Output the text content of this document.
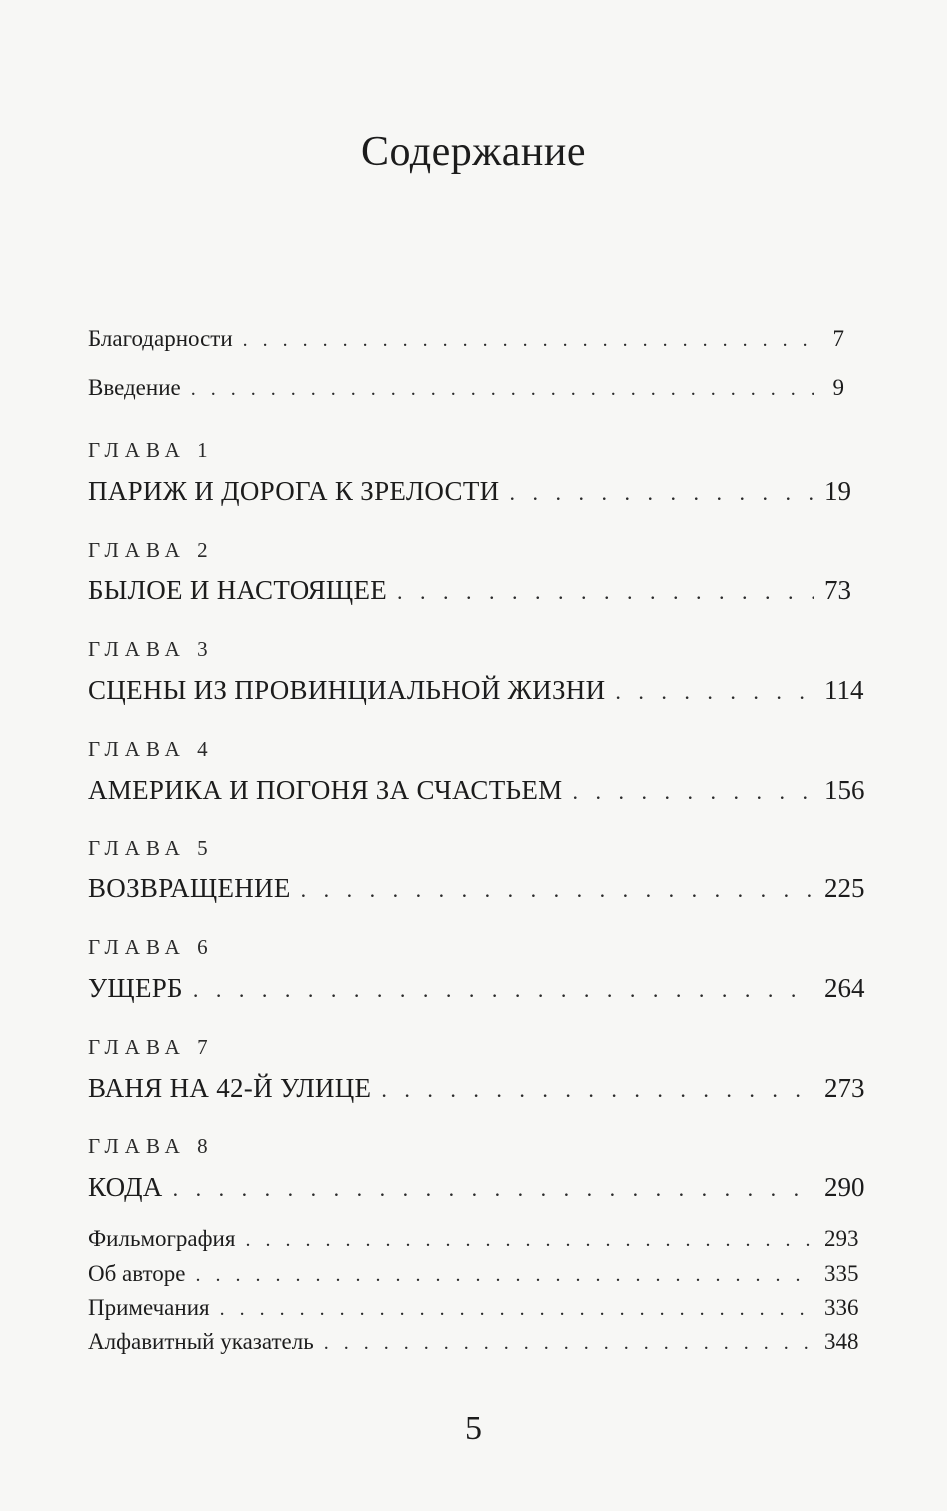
Содержание
Благодарности . . .	7
Введение . . .	9
ГЛАВА 1
ПАРИЖ И ДОРОГА К ЗРЕЛОСТИ . . .	19
ГЛАВА 2
БЫЛОЕ И НАСТОЯЩЕЕ . . .	73
ГЛАВА 3
СЦЕНЫ ИЗ ПРОВИНЦИАЛЬНОЙ ЖИЗНИ . . .	114
ГЛАВА 4
АМЕРИКА И ПОГОНЯ ЗА СЧАСТЬЕМ . . .	156
ГЛАВА 5
ВОЗВРАЩЕНИЕ . . .	225
ГЛАВА 6
УЩЕРБ . . .	264
ГЛАВА 7
ВАНЯ НА 42-Й УЛИЦЕ . . .	273
ГЛАВА 8
КОДА . . .	290
Фильмография . . .	293
Об авторе . . .	335
Примечания . . .	336
Алфавитный указатель . . .	348
5
